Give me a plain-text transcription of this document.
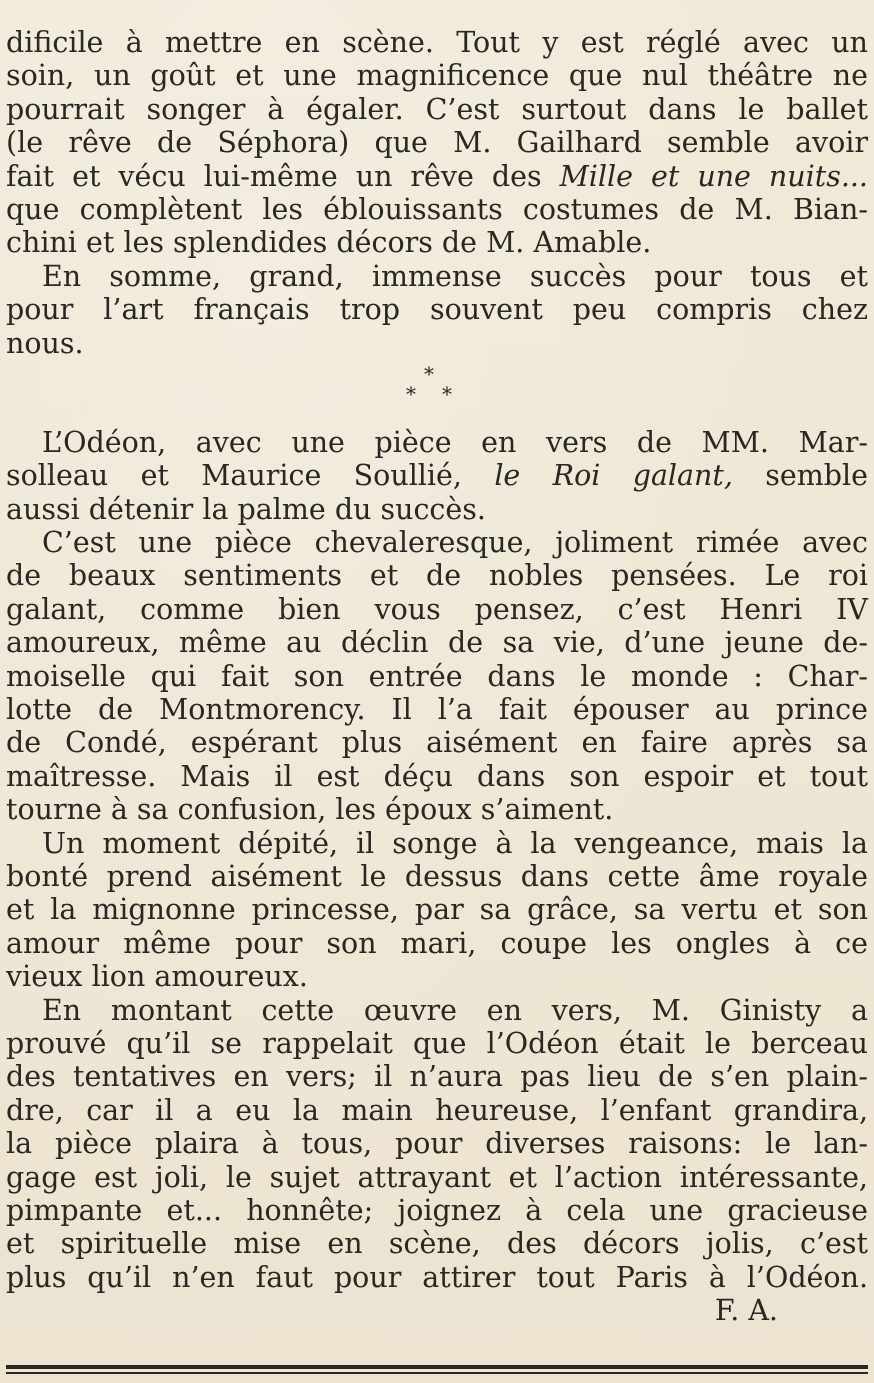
dificile à mettre en scène. Tout y est réglé avec un
soin, un goût et une magnificence que nul théâtre ne
pourrait songer à égaler. C’est surtout dans le ballet
(le rêve de Séphora) que M. Gailhard semble avoir
fait et vécu lui-même un rêve des Mille et une nuits...
que complètent les éblouissants costumes de M. Bian-
chini et les splendides décors de M. Amable.
En somme, grand, immense succès pour tous et
pour l’art français trop souvent peu compris chez
nous.
*
* *
L’Odéon, avec une pièce en vers de MM. Mar-
solleau et Maurice Soullié, le Roi galant, semble
aussi détenir la palme du succès.
C’est une pièce chevaleresque, joliment rimée avec
de beaux sentiments et de nobles pensées. Le roi
galant, comme bien vous pensez, c’est Henri IV
amoureux, même au déclin de sa vie, d’une jeune de-
moiselle qui fait son entrée dans le monde : Char-
lotte de Montmorency. Il l’a fait épouser au prince
de Condé, espérant plus aisément en faire après sa
maîtresse. Mais il est déçu dans son espoir et tout
tourne à sa confusion, les époux s’aiment.
Un moment dépité, il songe à la vengeance, mais la
bonté prend aisément le dessus dans cette âme royale
et la mignonne princesse, par sa grâce, sa vertu et son
amour même pour son mari, coupe les ongles à ce
vieux lion amoureux.
En montant cette œuvre en vers, M. Ginisty a
prouvé qu’il se rappelait que l’Odéon était le berceau
des tentatives en vers; il n’aura pas lieu de s’en plain-
dre, car il a eu la main heureuse, l’enfant grandira,
la pièce plaira à tous, pour diverses raisons: le lan-
gage est joli, le sujet attrayant et l’action intéressante,
pimpante et... honnête; joignez à cela une gracieuse
et spirituelle mise en scène, des décors jolis, c’est
plus qu’il n’en faut pour attirer tout Paris à l’Odéon.
F. A.
